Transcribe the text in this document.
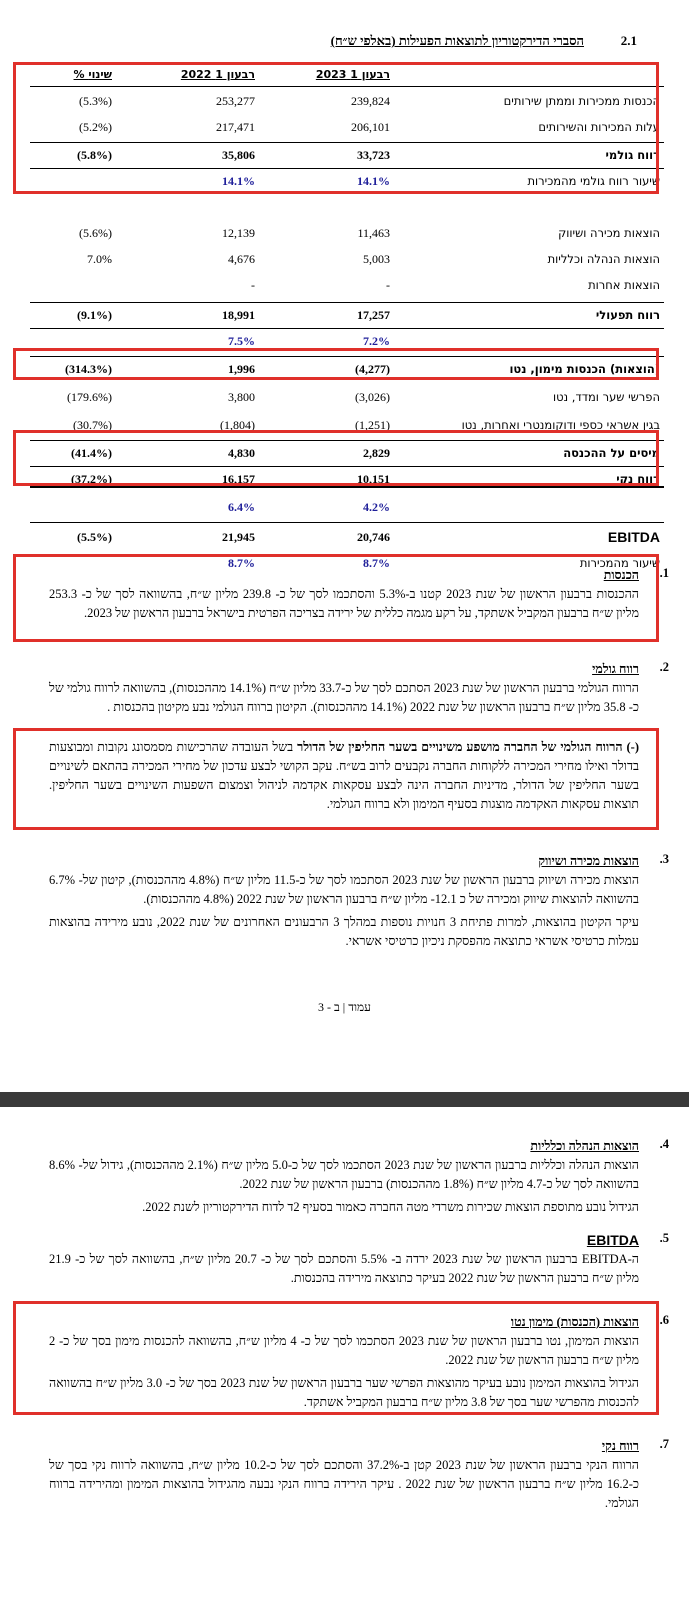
2.1
הסברי הדירקטוריון לתוצאות הפעילות (באלפי ש״ח)
רבעון 1 2023
רבעון 1 2022
% שינוי
הכנסות ממכירות וממתן שירותים
239,824
253,277
(5.3%)
עלות המכירות והשירותים
206,101
217,471
(5.2%)
רווח גולמי
33,723
35,806
(5.8%)
שיעור רווח גולמי מהמכירות
14.1%
14.1%
הוצאות מכירה ושיווק
11,463
12,139
(5.6%)
הוצאות הנהלה וכלליות
5,003
4,676
7.0%
הוצאות אחרות
-
-
רווח תפעולי
17,257
18,991
(9.1%)
7.2%
7.5%
(הוצאות) הכנסות מימון, נטו
(4,277)
1,996
(314.3%)
הפרשי שער ומדד, נטו
(3,026)
3,800
(179.6%)
בגין אשראי כספי ודוקומנטרי ואחרות, נטו
(1,251)
(1,804)
(30.7%)
מיסים על ההכנסה
2,829
4,830
(41.4%)
רווח נקי
10,151
16,157
(37.2%)
4.2%
6.4%
EBITDA
20,746
21,945
(5.5%)
שיעור מהמכירות
8.7%
8.7%
.1
הכנסות

ההכנסות ברבעון הראשון של שנת 2023 קטנו ב-5.3% והסתכמו לסך של כ- 239.8 מליון ש״ח, בהשוואה לסך של כ- 253.3 מליון ש״ח ברבעון המקביל אשתקד, על רקע מגמה כללית של ירידה בצריכה הפרטית בישראל ברבעון הראשון של 2023.

.2
רווח גולמי

הרווח הגולמי ברבעון הראשון של שנת 2023 הסתכם לסך של כ-33.7 מליון ש״ח (14.1% מההכנסות), בהשוואה לרווח גולמי של כ- 35.8 מליון ש״ח ברבעון הראשון של שנת 2022 (14.1% מההכנסות). הקיטון ברווח הגולמי נבע מקיטון בהכנסות .

(-) הרווח הגולמי של החברה מושפע משינויים בשער החליפין של הדולר בשל העובדה שהרכישות מסמסונג נקובות ומבוצעות בדולר ואילו מחירי המכירה ללקוחות החברה נקבעים לרוב בש״ח. עקב הקושי לבצע עדכון של מחירי המכירה בהתאם לשינויים בשער החליפין של הדולר, מדיניות החברה הינה לבצע עסקאות אקדמה לניהול וצמצום השפעות השינויים בשער החליפין. תוצאות עסקאות האקדמה מוצגות בסעיף המימון ולא ברווח הגולמי.

.3
הוצאות מכירה ושיווק

הוצאות מכירה ושיווק ברבעון הראשון של שנת 2023 הסתכמו לסך של כ-11.5 מליון ש״ח (4.8% מההכנסות), קיטון של- 6.7% בהשוואה להוצאות שיווק ומכירה של כ 12.1- מליון ש״ח ברבעון הראשון של שנת 2022 (4.8% מההכנסות).

עיקר הקיטון בהוצאות, למרות פתיחת 3 חנויות נוספות במהלך 3 הרבעונים האחרונים של שנת 2022, נובע מירידה בהוצאות עמלות כרטיסי אשראי כתוצאה מהפסקת ניכיון כרטיסי אשראי.

עמוד | ב - 3
.4
הוצאות הנהלה וכלליות

הוצאות הנהלה וכלליות ברבעון הראשון של שנת 2023 הסתכמו לסך של כ-5.0 מליון ש״ח (2.1% מההכנסות), גידול של- 8.6% בהשוואה לסך של כ-4.7 מליון ש״ח (1.8% מההכנסות) ברבעון הראשון של שנת 2022.

הגידול נובע מתוספת הוצאות שכירות משרדי מטה החברה כאמור בסעיף 2ד לדוח הדירקטוריון לשנת 2022.

.5
EBITDA

ה-EBITDA ברבעון הראשון של שנת 2023 ירדה ב- 5.5% והסתכם לסך של כ- 20.7 מליון ש״ח, בהשוואה לסך של כ- 21.9 מליון ש״ח ברבעון הראשון של שנת 2022 בעיקר כתוצאה מירידה בהכנסות.

.6
הוצאות (הכנסות) מימון נטו

הוצאות המימון, נטו ברבעון הראשון של שנת 2023 הסתכמו לסך של כ- 4 מליון ש״ח, בהשוואה להכנסות מימון בסך של כ- 2 מליון ש״ח ברבעון הראשון של שנת 2022.

הגידול בהוצאות המימון נובע בעיקר מהוצאות הפרשי שער ברבעון הראשון של שנת 2023 בסך של כ- 3.0 מליון ש״ח בהשוואה להכנסות מהפרשי שער בסך של 3.8 מליון ש״ח ברבעון המקביל אשתקד.

.7
רווח נקי

הרווח הנקי ברבעון הראשון של שנת 2023 קטן ב-37.2% והסתכם לסך של כ-10.2 מליון ש״ח, בהשוואה לרווח נקי בסך של כ-16.2 מליון ש״ח ברבעון הראשון של שנת 2022 . עיקר הירידה ברווח הנקי נבעה מהגידול בהוצאות המימון ומהירידה ברווח הגולמי.
